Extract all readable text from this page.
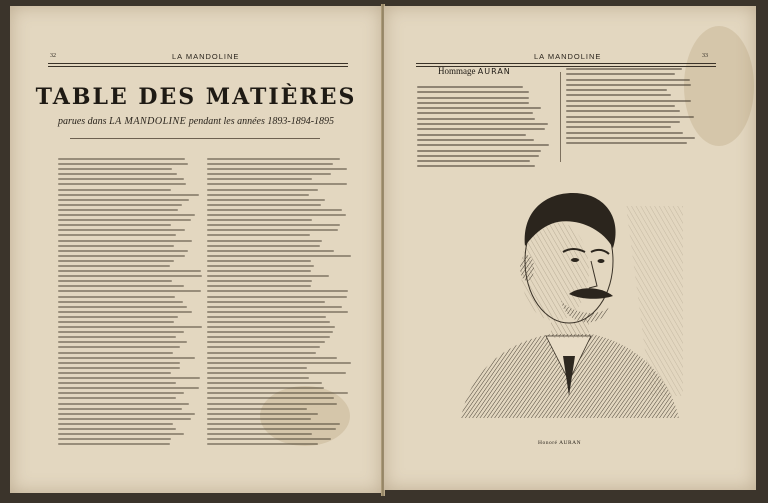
32	LA MANDOLINE
TABLE DES MATIÈRES
parues dans LA MANDOLINE pendant les années 1893-1894-1895
LA MANDOLINE	33
Hommage AURAN
Honoré AURAN
